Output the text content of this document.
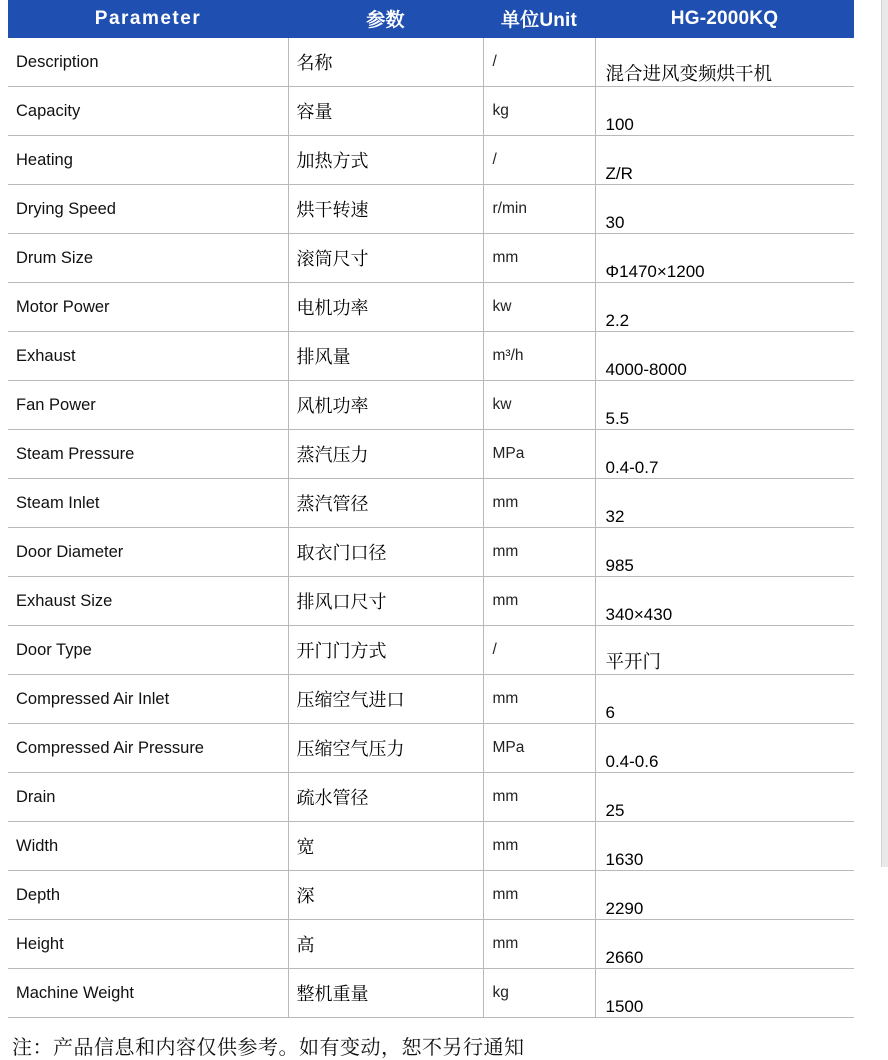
Parameter	参数	单位Unit	HG-2000KQ
Description	名称	/	混合进风变频烘干机
Capacity	容量	kg	100
Heating	加热方式	/	Z/R
Drying Speed	烘干转速	r/min	30
Drum Size	滚筒尺寸	mm	Φ1470×1200
Motor Power	电机功率	kw	2.2
Exhaust	排风量	m³/h	4000-8000
Fan Power	风机功率	kw	5.5
Steam Pressure	蒸汽压力	MPa	0.4-0.7
Steam Inlet	蒸汽管径	mm	32
Door Diameter	取衣门口径	mm	985
Exhaust Size	排风口尺寸	mm	340×430
Door Type	开门门方式	/	平开门
Compressed Air Inlet	压缩空气进口	mm	6
Compressed Air Pressure	压缩空气压力	MPa	0.4-0.6
Drain	疏水管径	mm	25
Width	宽	mm	1630
Depth	深	mm	2290
Height	高	mm	2660
Machine Weight	整机重量	kg	1500
注：产品信息和内容仅供参考。如有变动，恕不另行通知
